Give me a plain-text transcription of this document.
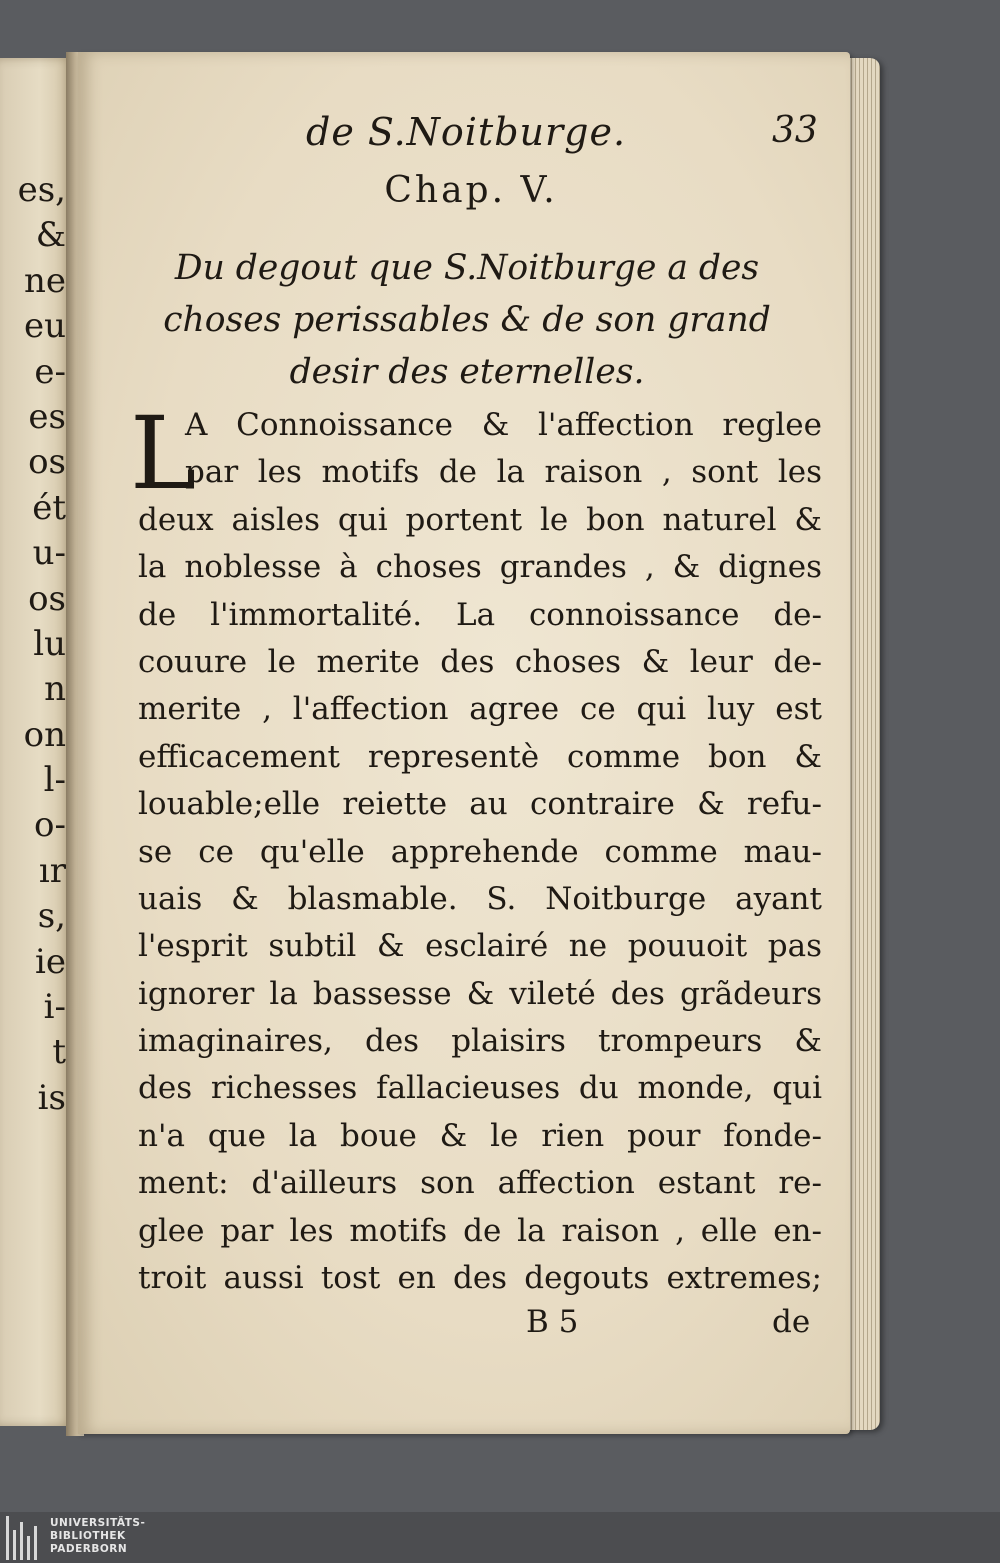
es,
&
ne
eu
e-
es
os
ét
u-
os
lu
n
on
l-
o-
ır
s,
ie
i-
t
is
de S.Noitburge.	33
Chap. V.
Du degout que S.Noitburge a des
choses perissables & de son grand
desir des eternelles.
L
A Connoissance & l'affection reglee
par les motifs de la raison , sont les
deux aisles qui portent le bon naturel &
la noblesse à choses grandes , & dignes
de l'immortalité. La connoissance de-
couure le merite des choses & leur de-
merite , l'affection agree ce qui luy est
efficacement representè comme bon &
louable;elle reiette au contraire & refu-
se ce qu'elle apprehende comme mau-
uais & blasmable. S. Noitburge ayant
l'esprit subtil & esclairé ne pouuoit pas
ignorer la bassesse & vileté des grãdeurs
imaginaires, des plaisirs trompeurs &
des richesses fallacieuses du monde, qui
n'a que la boue & le rien pour fonde-
ment: d'ailleurs son affection estant re-
glee par les motifs de la raison , elle en-
troit aussi tost en des degouts extremes;
B 5	de
UNIVERSITÄTS-
BIBLIOTHEK
PADERBORN
